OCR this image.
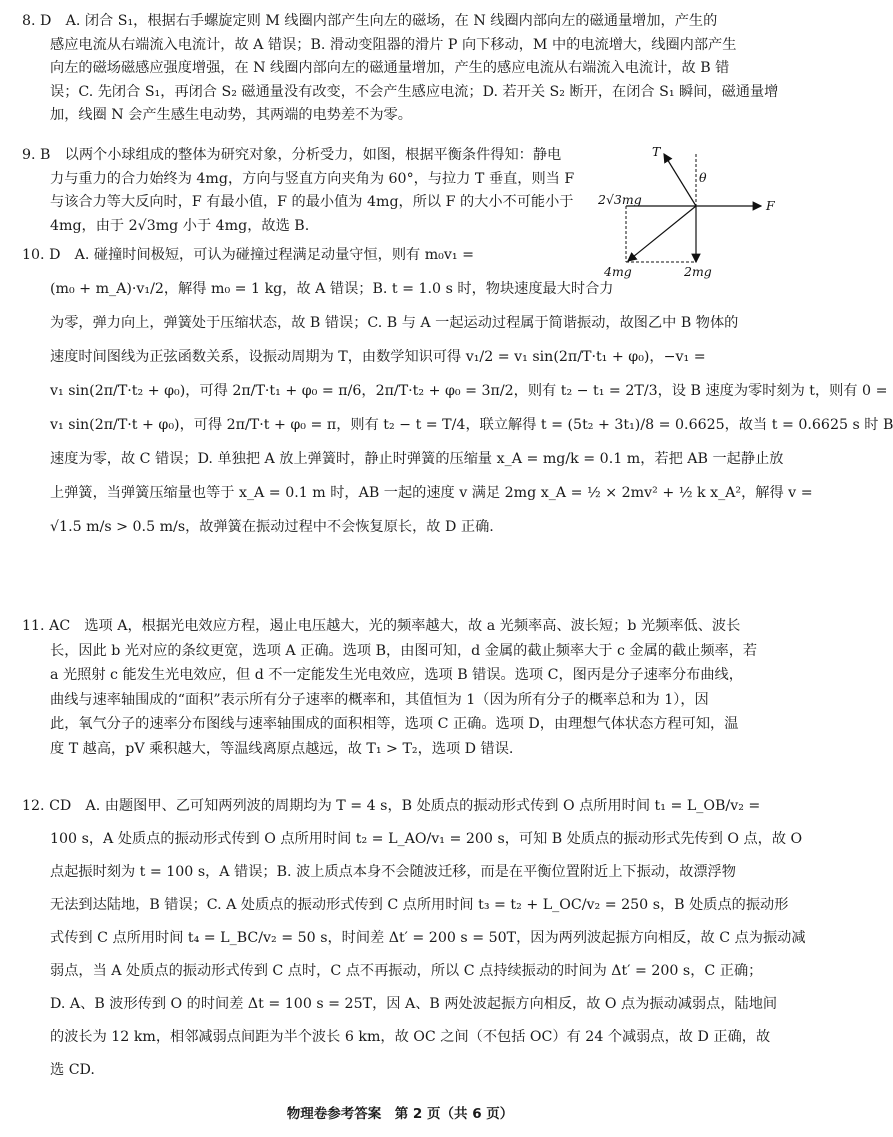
8. D　A. 闭合 S₁，根据右手螺旋定则 M 线圈内部产生向左的磁场，在 N 线圈内部向左的磁通量增加，产生的
感应电流从右端流入电流计，故 A 错误；B. 滑动变阻器的滑片 P 向下移动，M 中的电流增大，线圈内部产生
向左的磁场磁感应强度增强，在 N 线圈内部向左的磁通量增加，产生的感应电流从右端流入电流计，故 B 错
误；C. 先闭合 S₁，再闭合 S₂ 磁通量没有改变，不会产生感应电流；D. 若开关 S₂ 断开，在闭合 S₁ 瞬间，磁通量增
加，线圈 N 会产生感生电动势，其两端的电势差不为零。
9. B　以两个小球组成的整体为研究对象，分析受力，如图，根据平衡条件得知：静电
力与重力的合力始终为 4mg，方向与竖直方向夹角为 60°，与拉力 T 垂直，则当 F
与该合力等大反向时，F 有最小值，F 的最小值为 4mg，所以 F 的大小不可能小于
4mg，由于 2√3mg 小于 4mg，故选 B.
T
θ
F
2√3mg
2mg
4mg
10. D　A. 碰撞时间极短，可认为碰撞过程满足动量守恒，则有 m₀v₁ =
(m₀ + m_A)·v₁/2，解得 m₀ = 1 kg，故 A 错误；B. t = 1.0 s 时，物块速度最大时合力
为零，弹力向上，弹簧处于压缩状态，故 B 错误；C. B 与 A 一起运动过程属于简谐振动，故图乙中 B 物体的
速度时间图线为正弦函数关系，设振动周期为 T，由数学知识可得 v₁/2 = v₁ sin(2π/T·t₁ + φ₀)，−v₁ =
v₁ sin(2π/T·t₂ + φ₀)，可得 2π/T·t₁ + φ₀ = π/6，2π/T·t₂ + φ₀ = 3π/2，则有 t₂ − t₁ = 2T/3，设 B 速度为零时刻为 t，则有 0 =
v₁ sin(2π/T·t + φ₀)，可得 2π/T·t + φ₀ = π，则有 t₂ − t = T/4，联立解得 t = (5t₂ + 3t₁)/8 = 0.6625，故当 t = 0.6625 s 时 B
速度为零，故 C 错误；D. 单独把 A 放上弹簧时，静止时弹簧的压缩量 x_A = mg/k = 0.1 m，若把 AB 一起静止放
上弹簧，当弹簧压缩量也等于 x_A = 0.1 m 时，AB 一起的速度 v 满足 2mg x_A = ½ × 2mv² + ½ k x_A²，解得 v =
√1.5 m/s > 0.5 m/s，故弹簧在振动过程中不会恢复原长，故 D 正确.
11. AC　选项 A，根据光电效应方程，遏止电压越大，光的频率越大，故 a 光频率高、波长短；b 光频率低、波长
长，因此 b 光对应的条纹更宽，选项 A 正确。选项 B，由图可知，d 金属的截止频率大于 c 金属的截止频率，若
a 光照射 c 能发生光电效应，但 d 不一定能发生光电效应，选项 B 错误。选项 C，图丙是分子速率分布曲线，
曲线与速率轴围成的“面积”表示所有分子速率的概率和，其值恒为 1（因为所有分子的概率总和为 1），因
此，氧气分子的速率分布图线与速率轴围成的面积相等，选项 C 正确。选项 D，由理想气体状态方程可知，温
度 T 越高，pV 乘积越大，等温线离原点越远，故 T₁ > T₂，选项 D 错误.
12. CD　A. 由题图甲、乙可知两列波的周期均为 T = 4 s，B 处质点的振动形式传到 O 点所用时间 t₁ = L_OB/v₂ =
100 s，A 处质点的振动形式传到 O 点所用时间 t₂ = L_AO/v₁ = 200 s，可知 B 处质点的振动形式先传到 O 点，故 O
点起振时刻为 t = 100 s，A 错误；B. 波上质点本身不会随波迁移，而是在平衡位置附近上下振动，故漂浮物
无法到达陆地，B 错误；C. A 处质点的振动形式传到 C 点所用时间 t₃ = t₂ + L_OC/v₂ = 250 s，B 处质点的振动形
式传到 C 点所用时间 t₄ = L_BC/v₂ = 50 s，时间差 Δt′ = 200 s = 50T，因为两列波起振方向相反，故 C 点为振动减
弱点，当 A 处质点的振动形式传到 C 点时，C 点不再振动，所以 C 点持续振动的时间为 Δt′ = 200 s，C 正确；
D. A、B 波形传到 O 的时间差 Δt = 100 s = 25T，因 A、B 两处波起振方向相反，故 O 点为振动减弱点，陆地间
的波长为 12 km，相邻减弱点间距为半个波长 6 km，故 OC 之间（不包括 OC）有 24 个减弱点，故 D 正确，故
选 CD.
物理卷参考答案　第 2 页（共 6 页）
